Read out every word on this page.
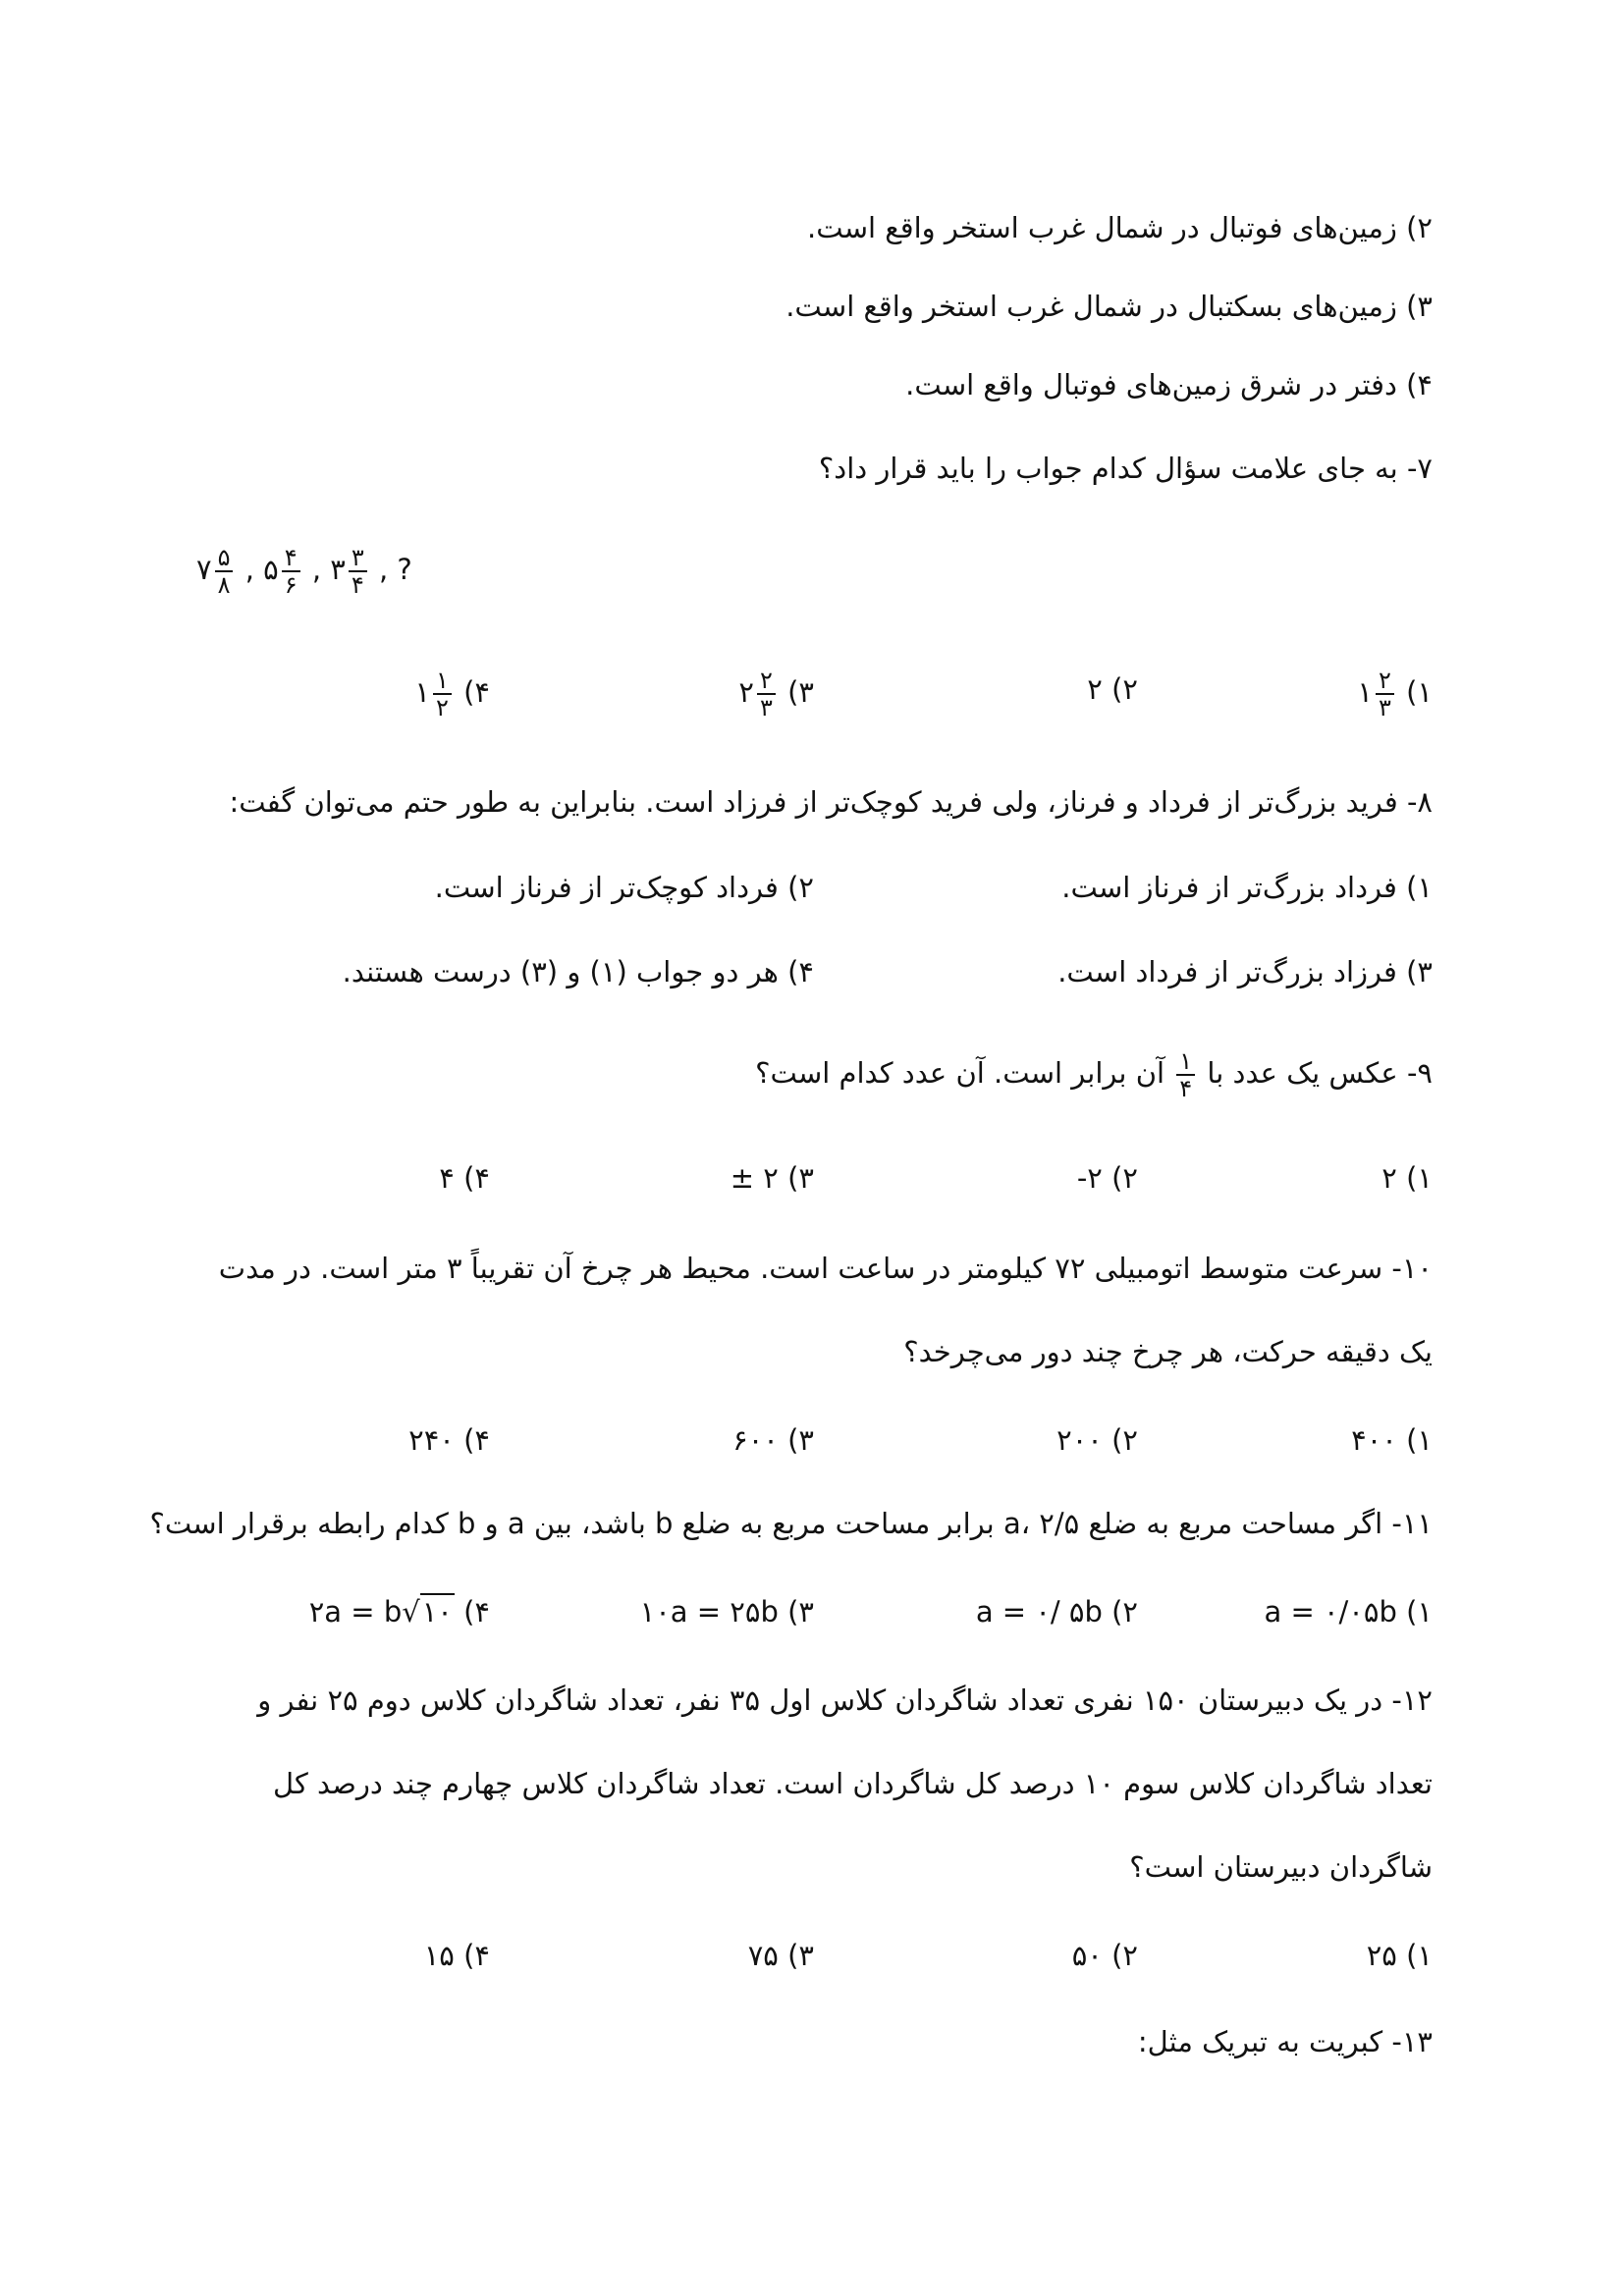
۲) زمین‌های فوتبال در شمال غرب استخر واقع است.
۳) زمین‌های بسکتبال در شمال غرب استخر واقع است.
۴) دفتر در شرق زمین‌های فوتبال واقع است.
۷- به جای علامت سؤال کدام جواب را باید قرار داد؟
۷ $\frac{۵}{۸}$ , ۵ $\frac{۴}{۶}$ , ۳ $\frac{۳}{۴}$ , ?
۱) ۱ $\frac{۲}{۳}$
۲) ۲
۳) ۲ $\frac{۲}{۳}$
۴) ۱ $\frac{۱}{۲}$
۸- فرید بزرگ‌تر از فرداد و فرناز، ولی فرید کوچک‌تر از فرزاد است. بنابراین به طور حتم می‌توان گفت:
۱) فرداد بزرگ‌تر از فرناز است.
۲) فرداد کوچک‌تر از فرناز است.
۳) فرزاد بزرگ‌تر از فرداد است.
۴) هر دو جواب (۱) و (۳) درست هستند.
۹- عکس یک عدد با
$\frac{۱}{۴}$
آن برابر است. آن عدد کدام است؟
۱) ۲
۲) -۲
۳) ± ۲
۴) ۴
۱۰- سرعت متوسط اتومبیلی ۷۲ کیلومتر در ساعت است. محیط هر چرخ آن تقریباً ۳ متر است. در مدت
یک دقیقه حرکت، هر چرخ چند دور می‌چرخد؟
۱) ۴۰۰
۲) ۲۰۰
۳) ۶۰۰
۴) ۲۴۰
۱۱- اگر مساحت مربع به ضلع a، ۲/۵ برابر مساحت مربع به ضلع b باشد، بین a و b کدام رابطه برقرار است؟
۱) a = ۰/۰۵b
۲) a = ۰/ ۵b
۳) ۱۰a = ۲۵b
۴) ۲a = b√۱۰
۱۲- در یک دبیرستان ۱۵۰ نفری تعداد شاگردان کلاس اول ۳۵ نفر، تعداد شاگردان کلاس دوم ۲۵ نفر و
تعداد شاگردان کلاس سوم ۱۰ درصد کل شاگردان است. تعداد شاگردان کلاس چهارم چند درصد کل
شاگردان دبیرستان است؟
۱) ۲۵
۲) ۵۰
۳) ۷۵
۴) ۱۵
۱۳- کبریت به تبریک مثل:
